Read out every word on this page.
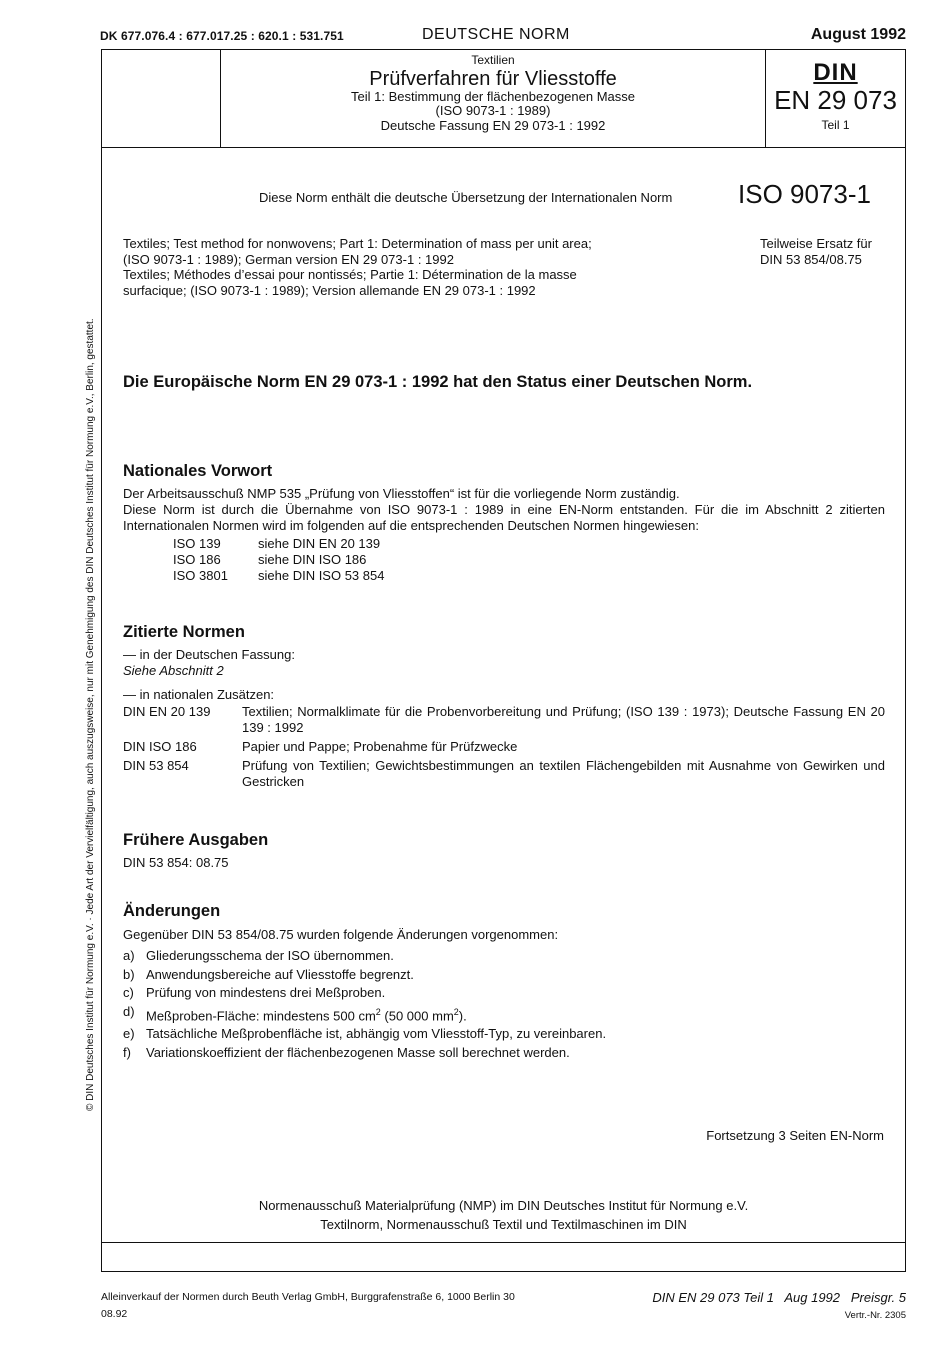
DK 677.076.4 : 677.017.25 : 620.1 : 531.751	DEUTSCHE NORM	August 1992
© DIN Deutsches Institut für Normung e.V. · Jede Art der Vervielfältigung, auch auszugsweise, nur mit Genehmigung des DIN Deutsches Institut für Normung e.V., Berlin, gestattet.
Textilien
Prüfverfahren für Vliesstoffe
Teil 1: Bestimmung der flächenbezogenen Masse
(ISO 9073-1 : 1989)
Deutsche Fassung EN 29 073-1 : 1992
DIN
EN 29 073
Teil 1
Diese Norm enthält die deutsche Übersetzung der Internationalen Norm	ISO 9073-1

Textiles; Test method for nonwovens; Part 1: Determination of mass per unit area;

(ISO 9073-1 : 1989); German version EN 29 073-1 : 1992

Textiles; Méthodes d’essai pour nontissés; Partie 1: Détermination de la masse

surfacique; (ISO 9073-1 : 1989); Version allemande EN 29 073-1 : 1992

Teilweise Ersatz für

DIN 53 854/08.75

Die Europäische Norm EN 29 073-1 : 1992 hat den Status einer Deutschen Norm.
Nationales Vorwort

Der Arbeitsausschuß NMP 535 „Prüfung von Vliesstoffen“ ist für die vorliegende Norm zuständig.

Diese Norm ist durch die Übernahme von ISO 9073-1 : 1989 in eine EN-Norm entstanden. Für die im Abschnitt 2 zitierten Internationalen Normen wird im folgenden auf die entsprechenden Deutschen Normen hingewiesen:

ISO 139	siehe DIN EN 20 139
ISO 186	siehe DIN ISO 186
ISO 3801	siehe DIN ISO 53 854
Zitierte Normen

— in der Deutschen Fassung:

Siehe Abschnitt 2

— in nationalen Zusätzen:

DIN EN 20 139	Textilien; Normalklimate für die Probenvorbereitung und Prüfung; (ISO 139 : 1973); Deutsche Fassung EN 20 139 : 1992
DIN ISO 186	Papier und Pappe; Probenahme für Prüfzwecke
DIN 53 854	Prüfung von Textilien; Gewichtsbestimmungen an textilen Flächengebilden mit Ausnahme von Gewirken und Gestricken
Frühere Ausgaben

DIN 53 854: 08.75

Änderungen

Gegenüber DIN 53 854/08.75 wurden folgende Änderungen vorgenommen:

a)	Gliederungsschema der ISO übernommen.
b)	Anwendungsbereiche auf Vliesstoffe begrenzt.
c)	Prüfung von mindestens drei Meßproben.
d)	Meßproben-Fläche: mindestens 500 $cm^2$ (50 000 $mm^2$).
e)	Tatsächliche Meßprobenfläche ist, abhängig vom Vliesstoff-Typ, zu vereinbaren.
f)	Variationskoeffizient der flächenbezogenen Masse soll berechnet werden.
Fortsetzung 3 Seiten EN-Norm

Normenausschuß Materialprüfung (NMP) im DIN Deutsches Institut für Normung e.V.

Textilnorm, Normenausschuß Textil und Textilmaschinen im DIN

Alleinverkauf der Normen durch Beuth Verlag GmbH, Burggrafenstraße 6, 1000 Berlin 30
08.92
DIN EN 29 073 Teil 1   Aug 1992   Preisgr. 5
Vertr.-Nr. 2305
